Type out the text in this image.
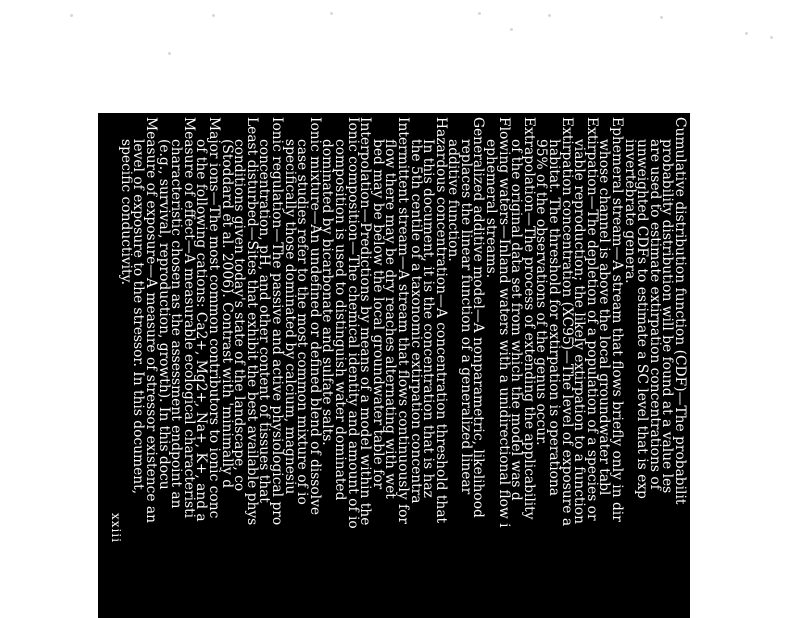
Cumulative distribution function (CDF)—The probabilit
probability distribution will be found at a value les
are used to estimate extirpation concentrations of
unweighted CDFs to estimate a SC level that is exp
invertebrate genera.
Ephemeral stream—A stream that flows briefly only in dir
whose channel is above the local groundwater tabl
Extirpation—The depletion of a population of a species or
viable reproduction; the likely extirpation to a function
Extirpation concentration (XC95)—The level of exposure a
habitat. The threshold for extirpation is operationa
95% of the observations of the genus occur.
Extrapolation—The process of extending the applicability
of the original data set from which the model was d
Flowing waters—Inland waters with a unidirectional flow i
ephemeral streams.
Generalized additive model—A nonparametric, likelihood
replaces the linear function of a generalized linear
additive function.
Hazardous concentration—A concentration threshold that
In this document, it is the concentration that is haz
the 5th centile of a taxonomic extirpation concentra
Intermittent stream—A stream that flows continuously for
flow there may be dry reaches alternating with wet
bed may be below the local groundwater table for
Interpolation—Predictions by means of a model within the
Ionic composition—The chemical identity and amount of io
composition is used to distinguish water dominated
dominated by bicarbonate and sulfate salts.
Ionic mixture—An undefined or defined blend of dissolve
case studies refer to the most common mixture of io
specifically those dominated by calcium, magnesiu
Ionic regulation—The passive and active physiological pro
concentration, pH, and other content of tissues that
Least disturbed—Sites that exhibit the best available phys
conditions given today's state of the landscape, co
(Stoddard et al. 2006). Contrast with 'minimally d
Major ions—The most common contributors to ionic conc
of the following cations: Ca2+, Mg2+, Na+, K+, and a
Measure of effect—A measurable ecological characteristi
characteristic chosen as the assessment endpoint an
(e.g., survival, reproduction, growth). In this docu
Measure of exposure—A measure of stressor existence an
level of exposure to the stressor. In this document,
specific conductivity.
xxiii
